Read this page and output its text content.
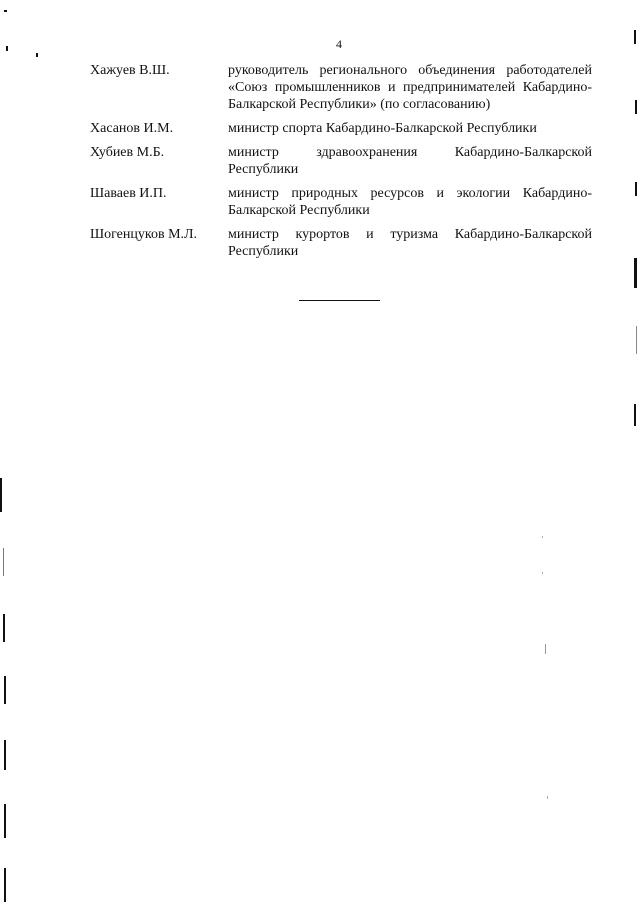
4
Хажуев В.Ш.	руководитель регионального объединения работодателей «Союз промышленников и предпринимателей Кабардино-Балкарской Республики» (по согласованию)
Хасанов И.М.	министр спорта Кабардино-Балкарской Республики
Хубиев М.Б.	министр здравоохранения Кабардино-Балкарской Республики
Шаваев И.П.	министр природных ресурсов и экологии Кабардино-Балкарской Республики
Шогенцуков М.Л.	министр курортов и туризма Кабардино-Балкарской Республики
